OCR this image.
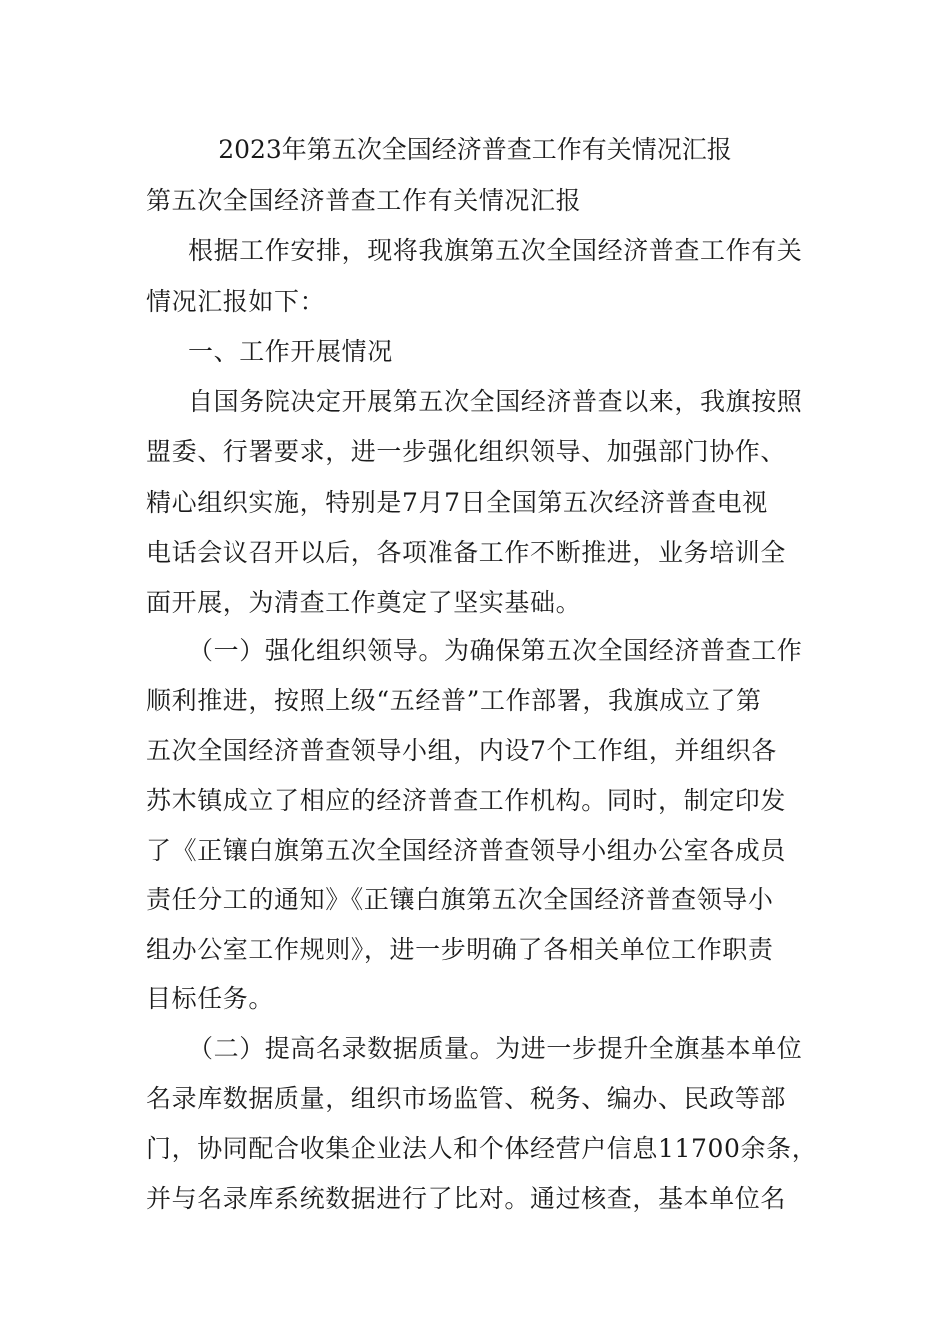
2023年第五次全国经济普查工作有关情况汇报
第五次全国经济普查工作有关情况汇报
根据工作安排，现将我旗第五次全国经济普查工作有关
情况汇报如下：
一、工作开展情况
自国务院决定开展第五次全国经济普查以来，我旗按照
盟委、行署要求，进一步强化组织领导、加强部门协作、
精心组织实施，特别是7月7日全国第五次经济普查电视
电话会议召开以后，各项准备工作不断推进，业务培训全
面开展，为清查工作奠定了坚实基础。
（一）强化组织领导。为确保第五次全国经济普查工作
顺利推进，按照上级“五经普”工作部署，我旗成立了第
五次全国经济普查领导小组，内设7个工作组，并组织各
苏木镇成立了相应的经济普查工作机构。同时，制定印发
了《正镶白旗第五次全国经济普查领导小组办公室各成员
责任分工的通知》《正镶白旗第五次全国经济普查领导小
组办公室工作规则》，进一步明确了各相关单位工作职责
目标任务。
（二）提高名录数据质量。为进一步提升全旗基本单位
名录库数据质量，组织市场监管、税务、编办、民政等部
门，协同配合收集企业法人和个体经营户信息11700余条，
并与名录库系统数据进行了比对。通过核查，基本单位名
